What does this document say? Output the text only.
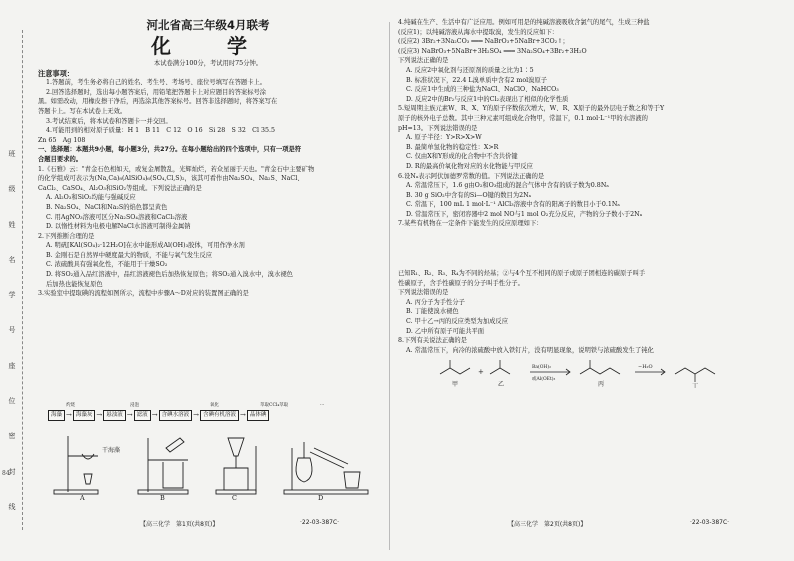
班
级
姓
名
学
号
座
位
密
封
线
84

河北省高三年级4月联考

化　学

本试卷满分100分，考试用时75分钟。

注意事项：

1.答题前，考生务必将自己的姓名、考生号、考场号、座位号填写在答题卡上。

2.回答选择题时，选出每小题答案后，用铅笔把答题卡上对应题目的答案标号涂

黑。如需改动，用橡皮擦干净后，再选涂其他答案标号。回答非选择题时，将答案写在

答题卡上。写在本试卷上无效。

3.考试结束后，将本试卷和答题卡一并交回。

4.可能用到的相对原子质量：H 1　B 11　C 12　O 16　Si 28　S 32　Cl 35.5

Zn 65　Ag 108

一、选择题：本题共9小题，每小题3分，共27分。在每小题给出的四个选项中，只有一项是符

合题目要求的。

1.《石雅》云："青金石色相如天，或复金屑散乱，光辉灿烂，若众星丽于天也。"青金石中主要矿物

的化学组成可表示为(Na,Ca)₈(AlSiO₄)₆(SO₄,Cl,S)₂，该其可看作由Na₂SO₄、Na₂S、NaCl、

CaCl₂、CaSO₄、Al₂O₃和SiO₂等组成。下列说法正确的是

A. Al₂O₃和SiO₂均能与强碱反应

B. Na₂SO₄、NaCl和Na₂S的焰色都呈黄色

C. 用AgNO₃溶液可区分Na₂SO₄溶液和CaCl₂溶液

D. 以惰性材料为电极电解NaCl水溶液可制得金属钠

2.下列推断合理的是

A. 明矾[KAl(SO₄)₂·12H₂O]在水中能形成Al(OH)₃胶体，可用作净水剂

B. 金刚石是自然界中硬度最大的物质，不能与氧气发生反应

C. 浓硫酸具有强氧化性，不能用于干燥SO₂

D. 将SO₂通入品红溶液中，品红溶液褪色后加热恢复原色；将SO₂通入溴水中，溴水褪色

后加热也能恢复原色

3.实验室中提取碘的流程如图所示，流程中步骤A～D对应的装置图正确的是

海藻 → 海藻灰 → 悬浊液 → 滤液 → 含碘水溶液 → 含碘有机溶液 → 晶体碘
灼烧	浸泡	氧化	萃取CCl₄萃取	...
干海藻
A	B	C	D
【高三化学　第1页(共8页)】	·22-03-387C·

4.纯碱在生产、生活中有广泛应用。例如可用是的纯碱溶液吸收含氯气的尾气，生成三种盐

(反应1)；以纯碱溶液从海水中提取溴，发生的反应如下：

(反应2) 3Br₂+3Na₂CO₃ ═══ NaBrO₃+5NaBr+3CO₂↑；

(反应3) NaBrO₃+5NaBr+3H₂SO₄ ═══ 3Na₂SO₄+3Br₂+3H₂O

下列说法正确的是

A. 反应2中氧化剂与还原剂的质量之比为1∶5

B. 标准状况下，22.4 L溴单质中含有2 mol溴原子

C. 反应1中生成的三种盐为NaCl、NaClO、NaHCO₃

D. 反应2中的Br₂与反应1中的Cl₂表现出了相似的化学性质

5.短周期主族元素W、R、X、Y的原子序数依次增大，W、R、X原子的最外层电子数之和等于Y

原子的核外电子总数。其中三种元素可组成化合物甲，常温下，0.1 mol·L⁻¹甲的水溶液的

pH=13。下列说法错误的是

A. 原子半径：Y>R>X>W

B. 最简单氢化物的稳定性：X>R

C. 仅由X和Y形成的化合物中不含共价键

D. R的最高价氧化物对应的水化物能与甲反应

6.设Nₐ表示阿伏加德罗常数的值。下列说法正确的是

A. 常温常压下，1.6 g由O₂和O₃组成的混合气体中含有的质子数为0.8Nₐ

B. 30 g SiO₂中含有的Si—O键的数目为2Nₐ

C. 常温下，100 mL 1 mol·L⁻¹ AlCl₃溶液中含有的阳离子的数目小于0.1Nₐ

D. 常温常压下，密闭容器中2 mol NO与1 mol O₂充分反应，产物的分子数小于2Nₐ

7.某些有机物在一定条件下能发生的反应原理如下：

已知R₁、R₂、R₃、R₄为不同的烃基；②与4个互不相同的原子或原子团相连的碳原子叫手

性碳原子，含手性碳原子的分子叫手性分子。

下列说法错误的是

A. 丙分子为手性分子

B. 丁能使溴水褪色

C. 甲十乙→丙的反应类型为加成反应

D. 乙中所有原子可能共平面

8.下列有关说法正确的是

A. 常温常压下，向冷的浓硫酸中放入铁钉片，没有明显现象，说明铁与浓硫酸发生了钝化

+
甲	乙	丙	丁
Ba(OH)₂
或Al(OEt)₃
−H₂O
【高三化学　第2页(共8页)】	·22-03-387C·
